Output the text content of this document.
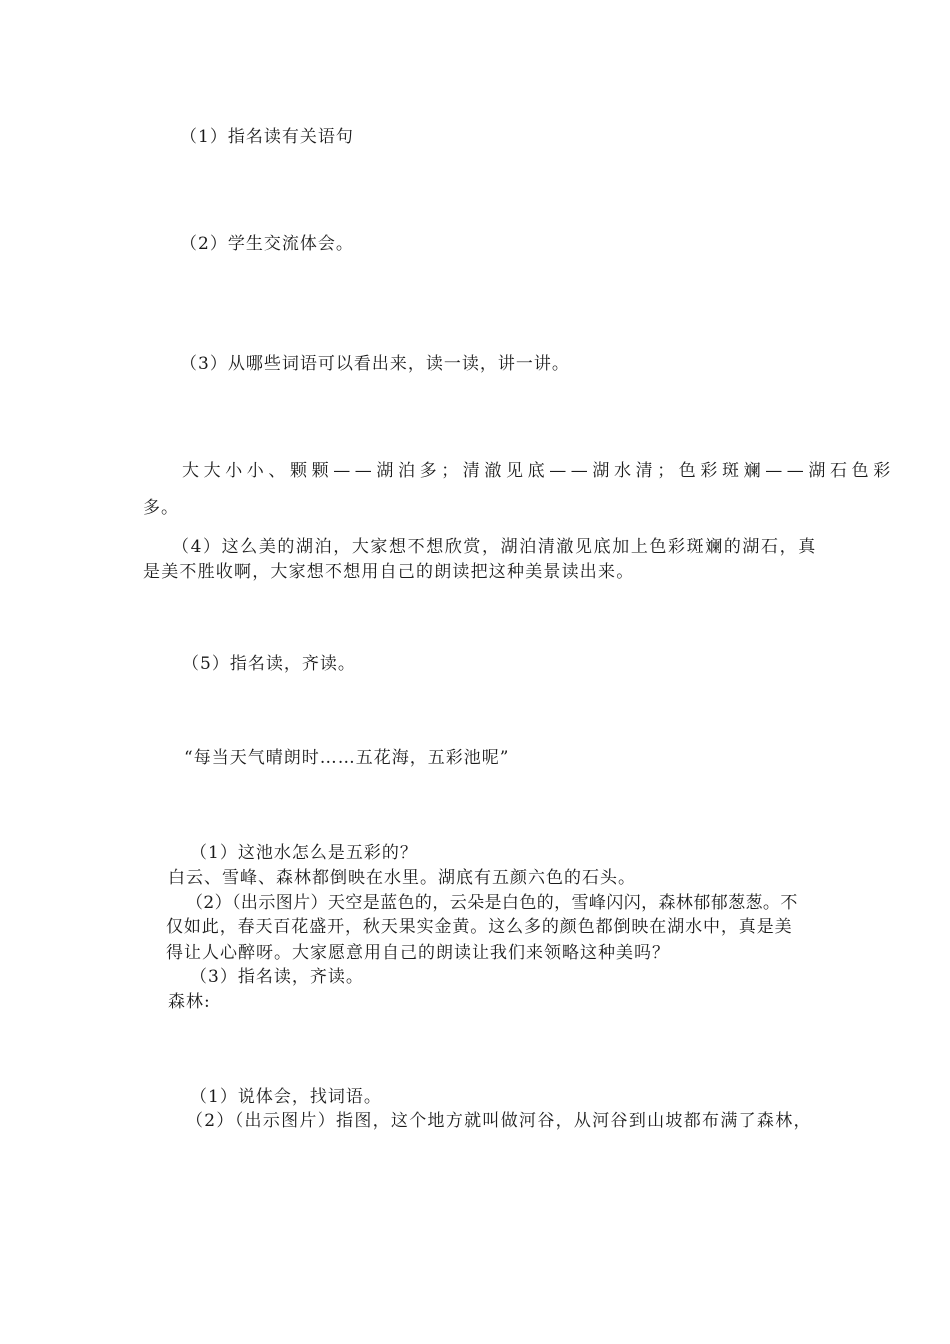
（1）指名读有关语句

（2）学生交流体会。

（3）从哪些词语可以看出来，读一读，讲一讲。

大大小小、颗颗——湖泊多；清澈见底——湖水清；色彩斑斓——湖石色彩

多。

（4）这么美的湖泊，大家想不想欣赏，湖泊清澈见底加上色彩斑斓的湖石，真

是美不胜收啊，大家想不想用自己的朗读把这种美景读出来。

（5）指名读，齐读。

“每当天气晴朗时……五花海，五彩池呢”

（1）这池水怎么是五彩的？

白云、雪峰、森林都倒映在水里。湖底有五颜六色的石头。

（2）（出示图片）天空是蓝色的，云朵是白色的，雪峰闪闪，森林郁郁葱葱。不

仅如此，春天百花盛开，秋天果实金黄。这么多的颜色都倒映在湖水中，真是美

得让人心醉呀。大家愿意用自己的朗读让我们来领略这种美吗？

（3）指名读，齐读。

森林:

（1）说体会，找词语。

（2）（出示图片）指图，这个地方就叫做河谷，从河谷到山坡都布满了森林，
